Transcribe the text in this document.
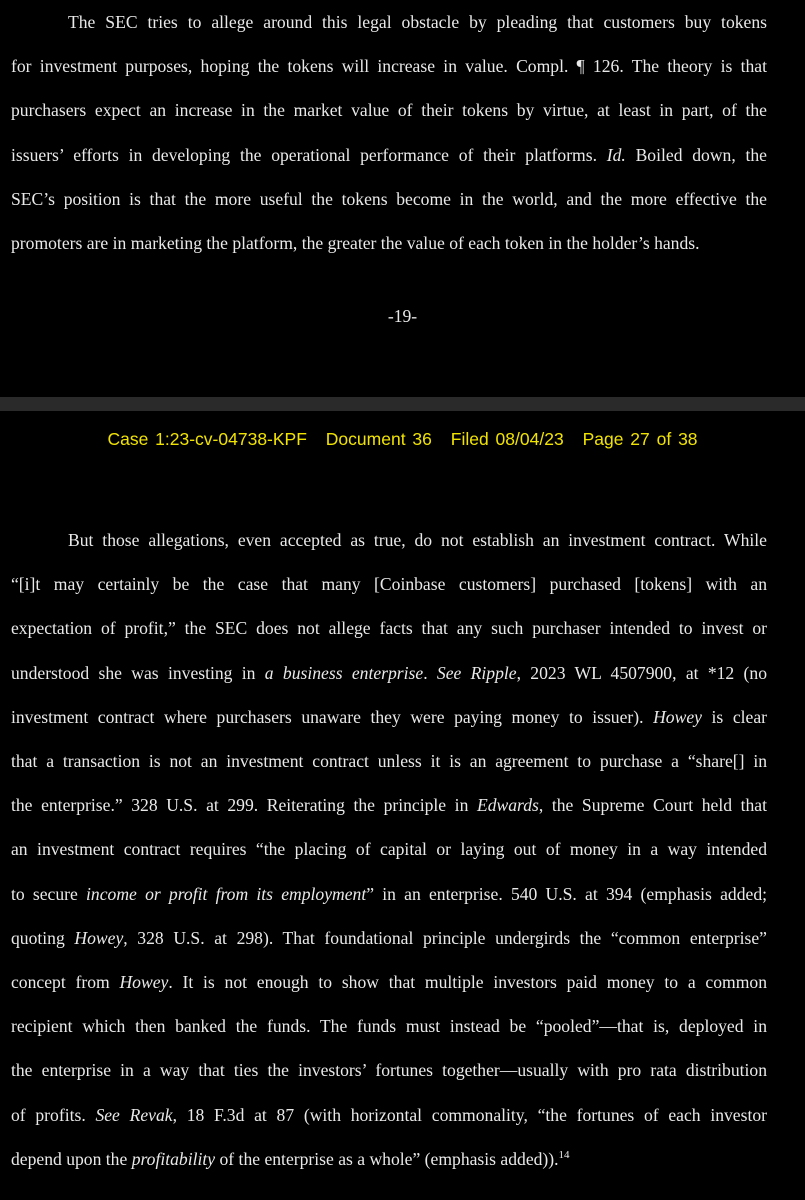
The SEC tries to allege around this legal obstacle by pleading that customers buy tokens
for investment purposes, hoping the tokens will increase in value. Compl. ¶ 126. The theory is that
purchasers expect an increase in the market value of their tokens by virtue, at least in part, of the
issuers’ efforts in developing the operational performance of their platforms. Id. Boiled down, the
SEC’s position is that the more useful the tokens become in the world, and the more effective the
promoters are in marketing the platform, the greater the value of each token in the holder’s hands.
-19-
Case 1:23-cv-04738-KPF Document 36 Filed 08/04/23 Page 27 of 38
But those allegations, even accepted as true, do not establish an investment contract. While
“[i]t may certainly be the case that many [Coinbase customers] purchased [tokens] with an
expectation of profit,” the SEC does not allege facts that any such purchaser intended to invest or
understood she was investing in a business enterprise. See Ripple, 2023 WL 4507900, at *12 (no
investment contract where purchasers unaware they were paying money to issuer). Howey is clear
that a transaction is not an investment contract unless it is an agreement to purchase a “share[] in
the enterprise.” 328 U.S. at 299. Reiterating the principle in Edwards, the Supreme Court held that
an investment contract requires “the placing of capital or laying out of money in a way intended
to secure income or profit from its employment” in an enterprise. 540 U.S. at 394 (emphasis added;
quoting Howey, 328 U.S. at 298). That foundational principle undergirds the “common enterprise”
concept from Howey. It is not enough to show that multiple investors paid money to a common
recipient which then banked the funds. The funds must instead be “pooled”—that is, deployed in
the enterprise in a way that ties the investors’ fortunes together—usually with pro rata distribution
of profits. See Revak, 18 F.3d at 87 (with horizontal commonality, “the fortunes of each investor
depend upon the profitability of the enterprise as a whole” (emphasis added)).$^{14}$
